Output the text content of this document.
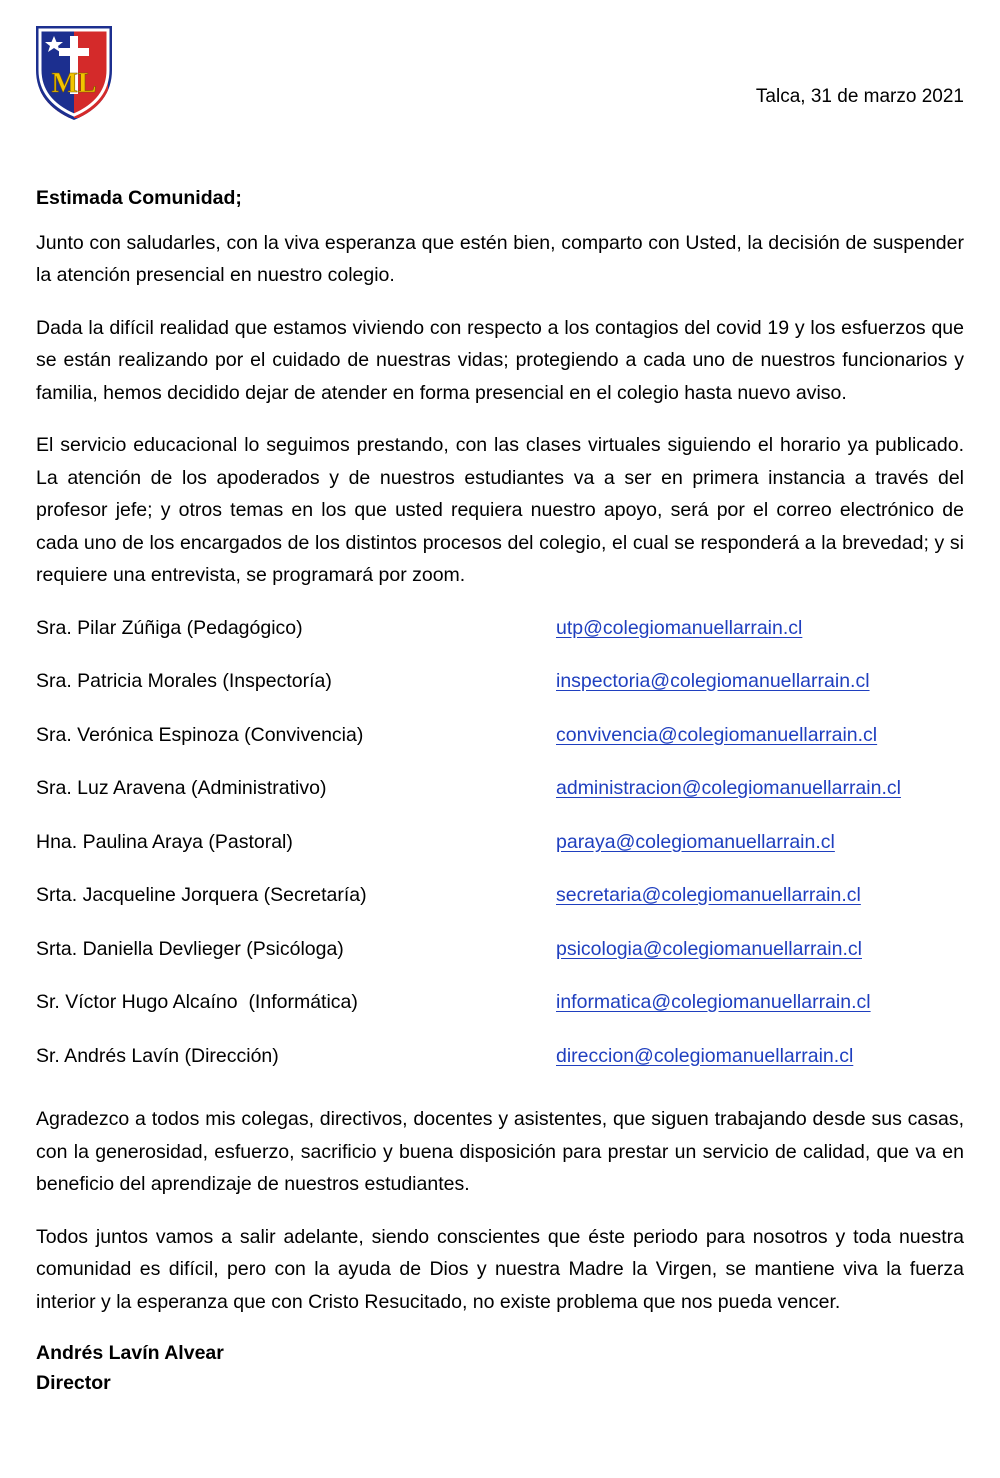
ML	Talca, 31 de marzo 2021

Estimada Comunidad;

Junto con saludarles, con la viva esperanza que estén bien, comparto con Usted, la decisión de suspender la atención presencial en nuestro colegio.

Dada la difícil realidad que estamos viviendo con respecto a los contagios del covid 19 y los esfuerzos que se están realizando por el cuidado de nuestras vidas; protegiendo a cada uno de nuestros funcionarios y familia, hemos decidido dejar de atender en forma presencial en el colegio hasta nuevo aviso.

El servicio educacional lo seguimos prestando, con las clases virtuales siguiendo el horario ya publicado. La atención de los apoderados y de nuestros estudiantes va a ser en primera instancia a través del profesor jefe; y otros temas en los que usted requiera nuestro apoyo, será por el correo electrónico de cada uno de los encargados de los distintos procesos del colegio, el cual se responderá a la brevedad; y si requiere una entrevista, se programará por zoom.

Sra. Pilar Zúñiga (Pedagógico)	utp@colegiomanuellarrain.cl
Sra. Patricia Morales (Inspectoría)	inspectoria@colegiomanuellarrain.cl
Sra. Verónica Espinoza (Convivencia)	convivencia@colegiomanuellarrain.cl
Sra. Luz Aravena (Administrativo)	administracion@colegiomanuellarrain.cl
Hna. Paulina Araya (Pastoral)	paraya@colegiomanuellarrain.cl
Srta. Jacqueline Jorquera (Secretaría)	secretaria@colegiomanuellarrain.cl
Srta. Daniella Devlieger (Psicóloga)	psicologia@colegiomanuellarrain.cl
Sr. Víctor Hugo Alcaíno  (Informática)	informatica@colegiomanuellarrain.cl
Sr. Andrés Lavín (Dirección)	direccion@colegiomanuellarrain.cl

Agradezco a todos mis colegas, directivos, docentes y asistentes, que siguen trabajando desde sus casas, con la generosidad, esfuerzo, sacrificio y buena disposición para prestar un servicio de calidad, que va en beneficio del aprendizaje de nuestros estudiantes.

Todos juntos vamos a salir adelante, siendo conscientes que éste periodo para nosotros y toda nuestra comunidad es difícil, pero con la ayuda de Dios y nuestra Madre la Virgen, se mantiene viva la fuerza interior y la esperanza que con Cristo Resucitado, no existe problema que nos pueda vencer.

Andrés Lavín Alvear
Director
